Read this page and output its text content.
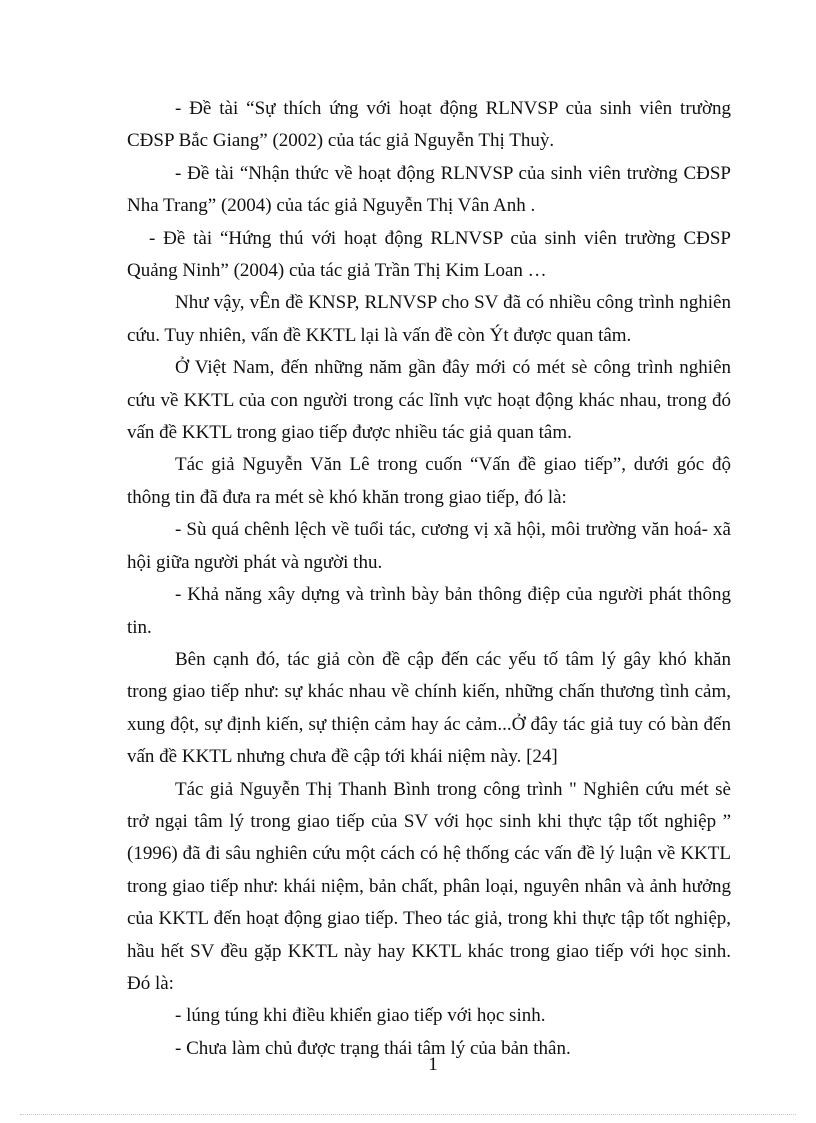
- Đề tài “Sự thích ứng với hoạt động RLNVSP của sinh viên trường CĐSP Bắc Giang” (2002) của tác giả Nguyễn Thị Thuỳ.

- Đề tài “Nhận thức về hoạt động RLNVSP của sinh viên trường CĐSP Nha Trang” (2004) của tác giả Nguyễn Thị Vân Anh .

- Đề tài “Hứng thú với hoạt động RLNVSP của sinh viên trường CĐSP Quảng Ninh” (2004) của tác giả Trần Thị Kim Loan …

Như vậy, vÊn đề KNSP, RLNVSP cho SV đã có nhiều công trình nghiên cứu. Tuy nhiên, vấn đề KKTL lại là vấn đề còn Ýt được quan tâm.

Ở Việt Nam, đến những năm gần đây mới có mét sè công trình nghiên cứu về KKTL của con người trong các lĩnh vực hoạt động khác nhau, trong đó vấn đề KKTL trong giao tiếp được nhiều tác giả quan tâm.

Tác giả Nguyễn Văn Lê trong cuốn “Vấn đề giao tiếp”, dưới góc độ thông tin đã đưa ra mét sè khó khăn trong giao tiếp, đó là:

- Sù quá chênh lệch về tuổi tác, cương vị xã hội, môi trường văn hoá- xã hội giữa người phát và người thu.

- Khả năng xây dựng và trình bày bản thông điệp của người phát thông tin.

Bên cạnh đó, tác giả còn đề cập đến các yếu tố tâm lý gây khó khăn trong giao tiếp như: sự khác nhau về chính kiến, những chấn thương tình cảm, xung đột, sự định kiến, sự thiện cảm hay ác cảm...Ở đây tác giả tuy có bàn đến vấn đề KKTL nhưng chưa đề cập tới khái niệm này. [24]

Tác giả Nguyễn Thị Thanh Bình trong công trình " Nghiên cứu mét sè trở ngại tâm lý trong giao tiếp của SV với học sinh khi thực tập tốt nghiệp ” (1996) đã đi sâu nghiên cứu một cách có hệ thống các vấn đề lý luận về KKTL trong giao tiếp như: khái niệm, bản chất, phân loại, nguyên nhân và ảnh hưởng của KKTL đến hoạt động giao tiếp. Theo tác giả, trong khi thực tập tốt nghiệp, hầu hết SV đều gặp KKTL này hay KKTL khác trong giao tiếp với học sinh. Đó là:

- lúng túng khi điều khiển giao tiếp với học sinh.

- Chưa làm chủ được trạng thái tâm lý của bản thân.

1
